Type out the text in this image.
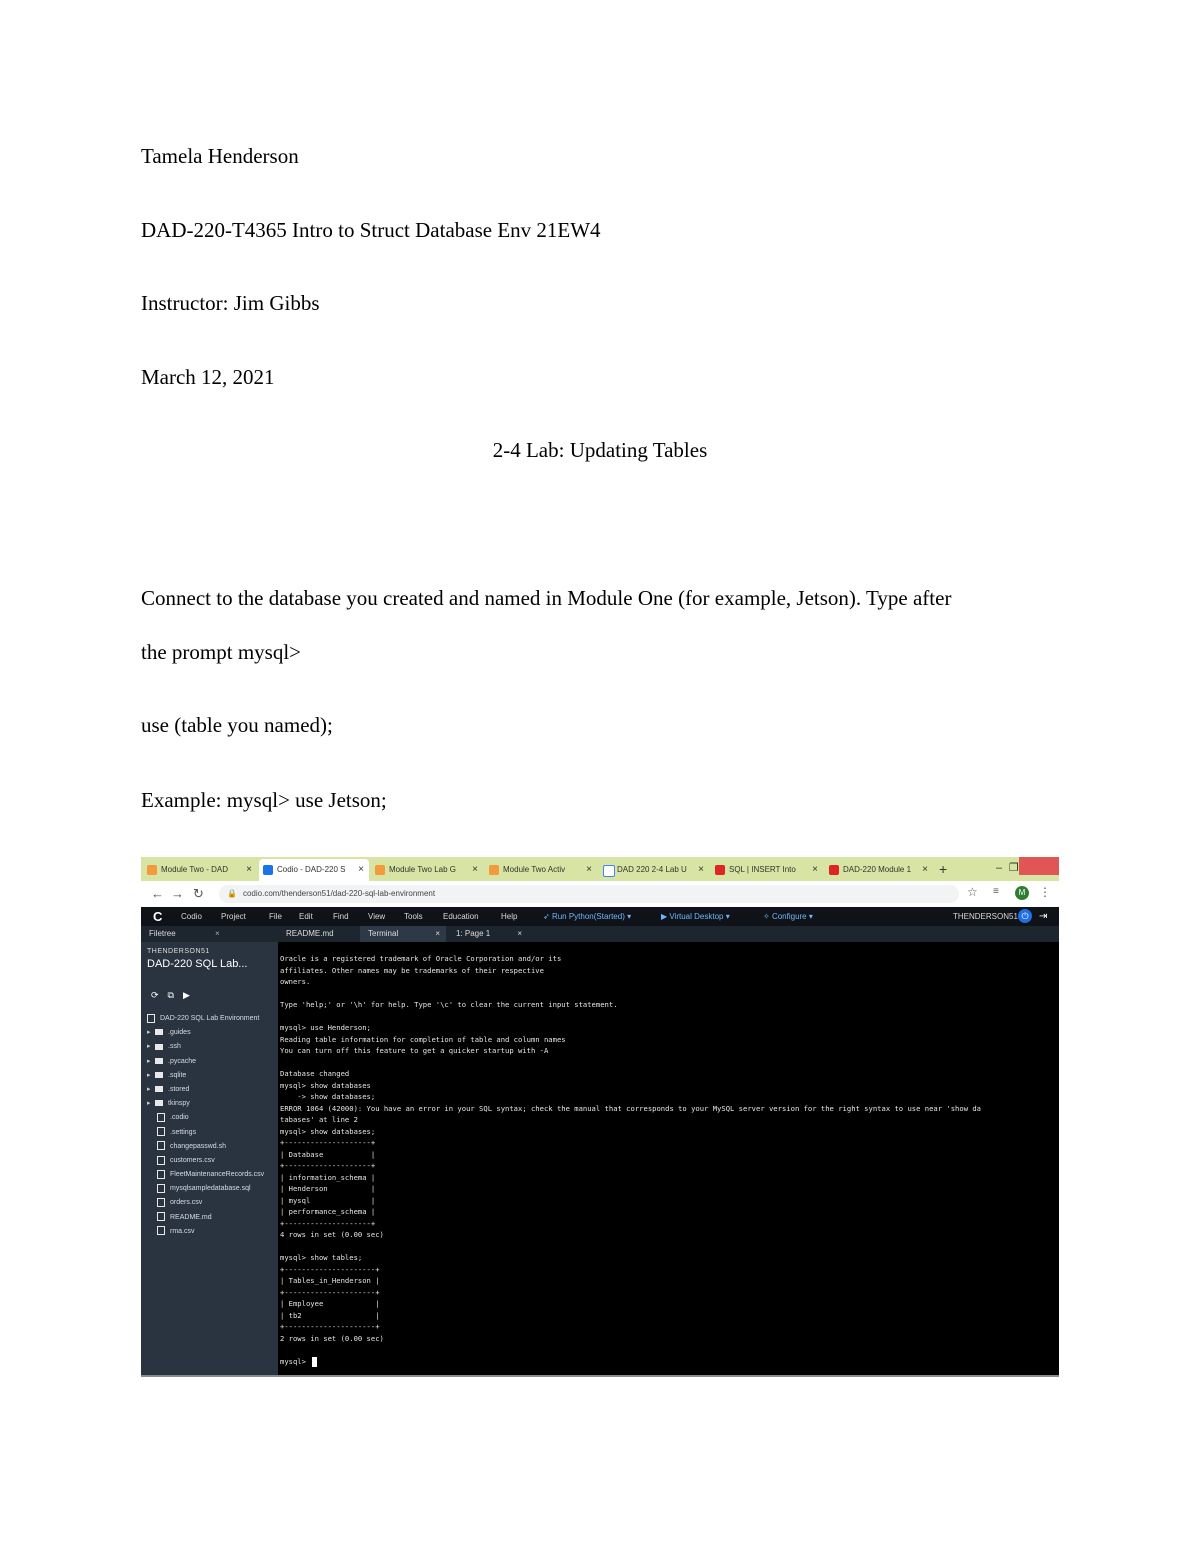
Tamela Henderson
DAD-220-T4365 Intro to Struct Database Env 21EW4
Instructor: Jim Gibbs
March 12, 2021
2-4 Lab: Updating Tables
Connect to the database you created and named in Module One (for example, Jetson). Type after
the prompt mysql>
use (table you named);
Example: mysql> use Jetson;
Module Two - DAD ×	Codio - DAD-220 S ×	Module Two Lab G ×	Module Two Activ ×	DAD 220 2-4 Lab U ×	SQL | INSERT Into ×	DAD-220 Module 1 × +	– ❐
← → ↻	🔒 codio.com/thenderson51/dad-220-sql-lab-environment	☆ ≡	M	⋮
C Codio Project	File Edit	Find View Tools	Education	Help	➶ Run Python(Started) ▾	▶ Virtual Desktop ▾	✧ Configure ▾	THENDERSON51 ⏻	⇥
Filetree	×
THENDERSON51
DAD-220 SQL Lab...
⟳ ⧉ ▶
DAD-220 SQL Lab Environment
▸ .guides
▸ .ssh
▸ .pycache
▸ .sqlite
▸ .stored
▸ tkinspy
.codio
.settings
changepasswd.sh
customers.csv
FleetMaintenanceRecords.csv
mysqlsampledatabase.sql
orders.csv
README.md
rma.csv
README.md	Terminal	×	1: Page 1	×
Oracle is a registered trademark of Oracle Corporation and/or its
affiliates. Other names may be trademarks of their respective
owners.
Type 'help;' or '\h' for help. Type '\c' to clear the current input statement.
mysql> use Henderson;
Reading table information for completion of table and column names
You can turn off this feature to get a quicker startup with -A
Database changed
mysql> show databases
-> show databases;
ERROR 1064 (42000): You have an error in your SQL syntax; check the manual that corresponds to your MySQL server version for the right syntax to use near 'show da
tabases' at line 2
mysql> show databases;
+--------------------+
| Database           |
+--------------------+
| information_schema |
| Henderson          |
| mysql              |
| performance_schema |
+--------------------+
4 rows in set (0.00 sec)
mysql> show tables;
+---------------------+
| Tables_in_Henderson |
+---------------------+
| Employee            |
| tb2                 |
+---------------------+
2 rows in set (0.00 sec)
mysql>
